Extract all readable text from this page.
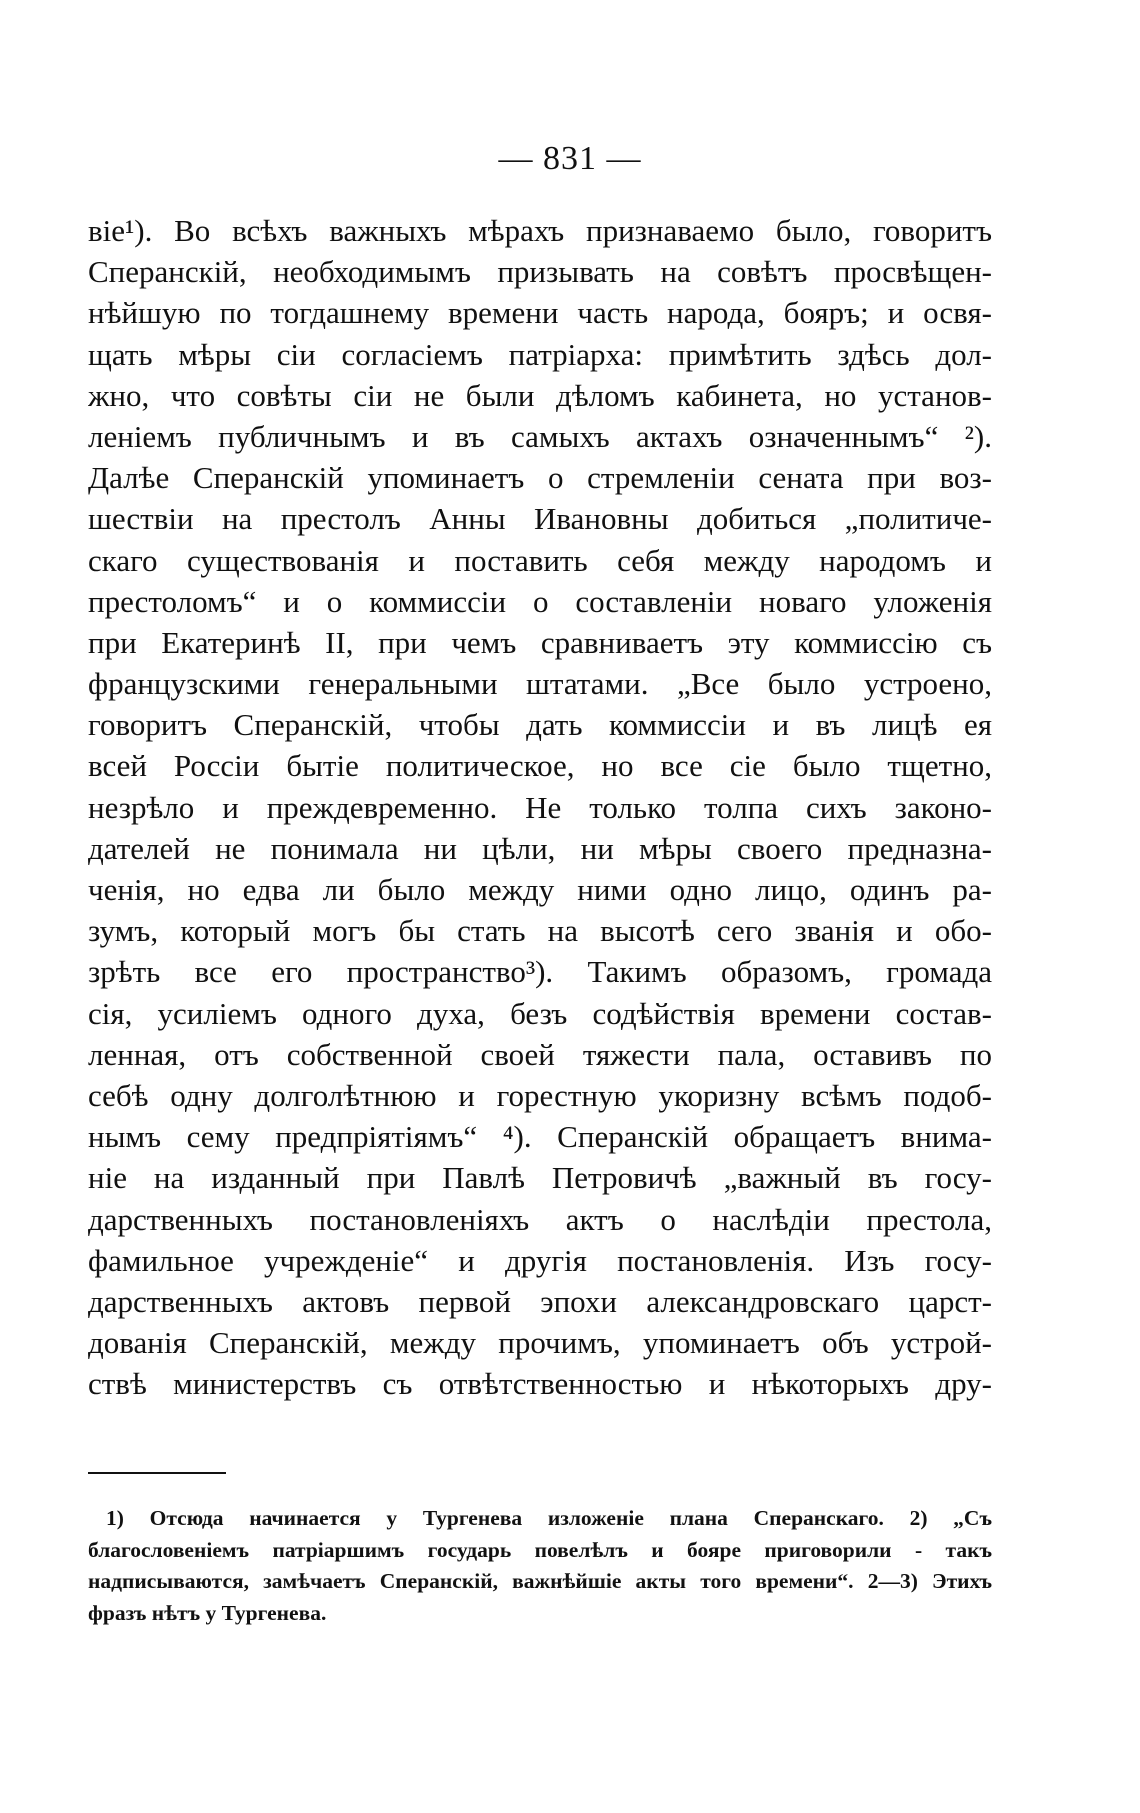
— 831 —
віе¹). Во всѣхъ важныхъ мѣрахъ признаваемо было, говоритъ
Сперанскій, необходимымъ призывать на совѣтъ просвѣщен-
нѣйшую по тогдашнему времени часть народа, бояръ; и освя-
щать мѣры сіи согласіемъ патріарха: примѣтить здѣсь дол-
жно, что совѣты сіи не были дѣломъ кабинета, но установ-
леніемъ публичнымъ и въ самыхъ актахъ означеннымъ“ ²).
Далѣе Сперанскій упоминаетъ о стремленіи сената при воз-
шествіи на престолъ Анны Ивановны добиться „политиче-
скаго существованія и поставить себя между народомъ и
престоломъ“ и о коммиссіи о составленіи новаго уложенія
при Екатеринѣ II, при чемъ сравниваетъ эту коммиссію съ
французскими генеральными штатами. „Все было устроено,
говоритъ Сперанскій, чтобы дать коммиссіи и въ лицѣ ея
всей Россіи бытіе политическое, но все сіе было тщетно,
незрѣло и преждевременно. Не только толпа сихъ законо-
дателей не понимала ни цѣли, ни мѣры своего предназна-
ченія, но едва ли было между ними одно лицо, одинъ ра-
зумъ, который могъ бы стать на высотѣ сего званія и обо-
зрѣть все его пространство³). Такимъ образомъ, громада
сія, усиліемъ одного духа, безъ содѣйствія времени состав-
ленная, отъ собственной своей тяжести пала, оставивъ по
себѣ одну долголѣтнюю и горестную укоризну всѣмъ подоб-
нымъ сему предпріятіямъ“ ⁴). Сперанскій обращаетъ внима-
ніе на изданный при Павлѣ Петровичѣ „важный въ госу-
дарственныхъ постановленіяхъ актъ о наслѣдіи престола,
фамильное учрежденіе“ и другія постановленія. Изъ госу-
дарственныхъ актовъ первой эпохи александровскаго царст-
дованія Сперанскій, между прочимъ, упоминаетъ объ устрой-
ствѣ министерствъ съ отвѣтственностью и нѣкоторыхъ дру-
1) Отсюда начинается у Тургенева изложеніе плана Сперанскаго. 2) „Съ
благословеніемъ патріаршимъ государь повелѣлъ и бояре приговорили - такъ
надписываются, замѣчаетъ Сперанскій, важнѣйшіе акты того времени“. 2—3) Этихъ
фразъ нѣтъ у Тургенева.
